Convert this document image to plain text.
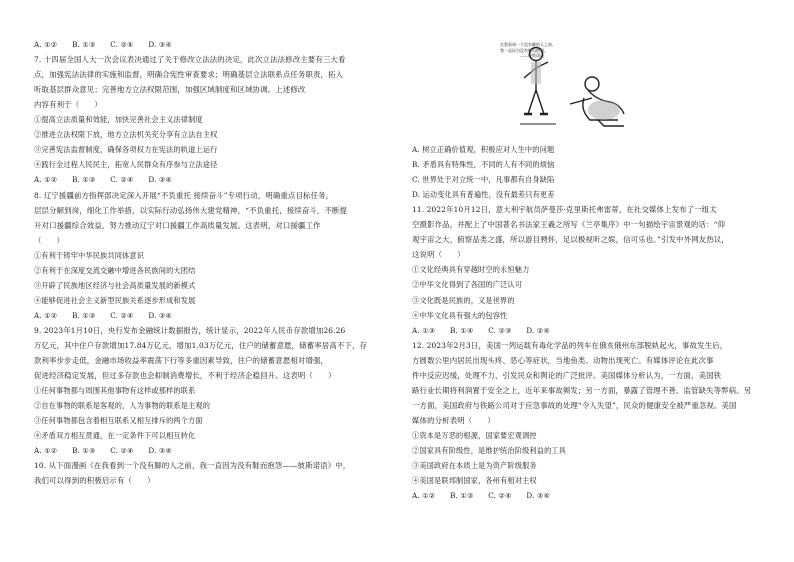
A. ①②　　B. ①③　　C. ②④　　D. ③④
7. 十四届全国人大一次会议表决通过了关于修改立法法的决定，此次立法法修改主要有三大看
点，加强宪法法律的实施和监督，明确合宪性审查要求；明确基层立法联系点任务职责，拓入
听取基层群众意见；完善地方立法权限范围，加强区域制度和区域协调。上述修改
内容有利于（　　）
①提高立法质量和效能，加快完善社会主义法律制度
②推进立法权限下放，地方立法机关充分享有立法自主权
③完善宪法监督制度，确保各项权力在宪法的轨道上运行
④践行全过程人民民主，拓宽人民群众有序参与立法途径
A. ①②　　B. ①③　　C. ②④　　D. ③④
8. 辽宁援疆前方指挥部决定深入开展“不负重托 接续奋斗”专项行动，明确重点目标任务，
层层分解到岗，细化工作举措，以实际行动弘扬伟大建党精神，“不负重托，接续奋斗，不断提
升对口援疆综合效益，努力推动辽宁对口援疆工作高质量发展。这表明，对口援疆工作
（　　）
①有利于铸牢中华民族共同体意识
②有利于在深度交流交融中增进各民族间的大团结
③开辟了民族地区经济与社会高质量发展的新模式
④能够促进社会主义新型民族关系逐步形成和发展
A. ①②　　B. ①③　　C. ②④　　D. ③④
9. 2023年1月10日，央行发布金融统计数据报告，统计显示，2022年人民币存款增加26.26
万亿元，其中住户存款增加17.84万亿元，增加1.03万亿元，住户的储蓄意愿，储蓄率居高不下，存
款利率步步走低，金融市场收益率震荡下行等多重因素导致，住户的储蓄意愿相对增强，
促进经济稳定发展，但过多存款也会抑制消费增长，不利于经济企稳回升。这表明（　　）
①任何事物都与周围其他事物有这样或那样的联系
②自在事物的联系是客观的，人为事物的联系是主观的
③任何事物都包含着相互联系又相互排斥的两个方面
④矛盾双方相互贯通，在一定条件下可以相互转化
A. ①②　　B. ①③　　C. ②④　　D. ③④
10. 从下面漫画《在我看到一个没有脚的人之前，我一直因为没有鞋而抱怨——彼斯诺语》中，
我们可以得到的积极启示有（　　）
在我看到一个没有脚的人之前，
我一直因为没有鞋而抱怨。
——彼斯诺语
A. 树立正确价值观，积极应对人生中的问题
B. 矛盾具有特殊性，不同的人有不同的烦恼
C. 世界处于对立统一中，凡事都有自身缺陷
D. 运动变化具有普遍性，没有最差只有更差
11. 2022年10月12日，意大利宇航员萨曼莎·克里斯托弗雷蒂，在社交媒体上发布了一组太
空摄影作品，并配上了中国著名书法家王羲之所写《兰亭集序》中一句描绘宇宙景观的话：“仰
观宇宙之大，俯察品类之盛，所以游目骋怀，足以极视听之娱，信可乐也。”引发中外网友热议，
这说明（　　）
①文化经典具有穿越时空的永恒魅力
②中华文化得到了各国的广泛认可
③文化既是民族的，又是世界的
④中华文化具有强大的包容性
A. ①③　　B. ①④　　C. ②③　　D. ②④
12. 2023年2月3日，美国一列运载有毒化学品的列车在俄亥俄州东部脱轨起火，事故发生后，
方圆数公里内居民出现头疼、恶心等症状，当地鱼类、动物出现死亡。有媒体评论在此次事
件中反应迟缓，处理不力，引发民众和舆论的广泛批评。美国媒体分析认为，一方面，美国铁
路行业长期将利润置于安全之上，近年来事故频发；另一方面，暴露了管理不善、监管缺失等弊病。另
一方面，美国政府与铁路公司对于应急事故的处理“令人失望”，民众的健康安全被严重忽视。美国
媒体的分析表明（　　）
①资本是万恶的根源，国家要宏观调控
②国家具有阶级性，是维护统治阶级利益的工具
③美国政府在本质上是为资产阶级服务
④美国是联邦制国家，各州有相对主权
A. ①②　　B. ①③　　C. ②④　　D. ③④
